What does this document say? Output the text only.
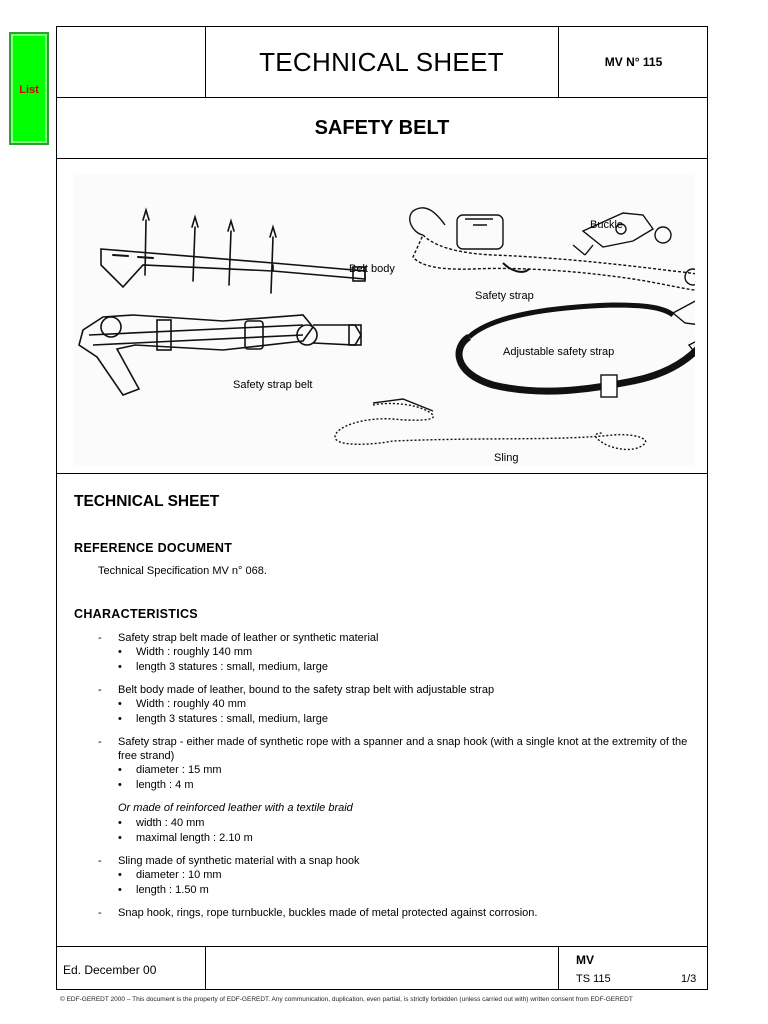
List
TECHNICAL SHEET	MV N° 115
SAFETY BELT
Buckle
Belt body
Safety strap
Adjustable safety strap
Safety strap belt
Sling
TECHNICAL SHEET
REFERENCE DOCUMENT
Technical Specification MV n° 068.
CHARACTERISTICS
- Safety strap belt made of leather or synthetic material
• Width : roughly 140 mm
• length 3 statures : small, medium, large
- Belt body made of leather, bound to the safety strap belt with adjustable strap
• Width : roughly 40 mm
• length 3 statures : small, medium, large
- Safety strap - either made of synthetic rope with a spanner and a snap hook (with a single knot at the extremity of the free strand)
• diameter : 15 mm
• length : 4 m
Or made of reinforced leather with a textile braid
• width : 40 mm
• maximal length : 2.10 m
- Sling made of synthetic material with a snap hook
• diameter : 10 mm
• length : 1.50 m
- Snap hook, rings, rope turnbuckle, buckles made of metal protected against corrosion.
Ed. December 00
MV
TS 115	1/3
© EDF-GEREDT 2000 – This document is the property of EDF-GEREDT. Any communication, duplication, even partial, is strictly forbidden (unless carried out with) written consent from EDF-GEREDT
